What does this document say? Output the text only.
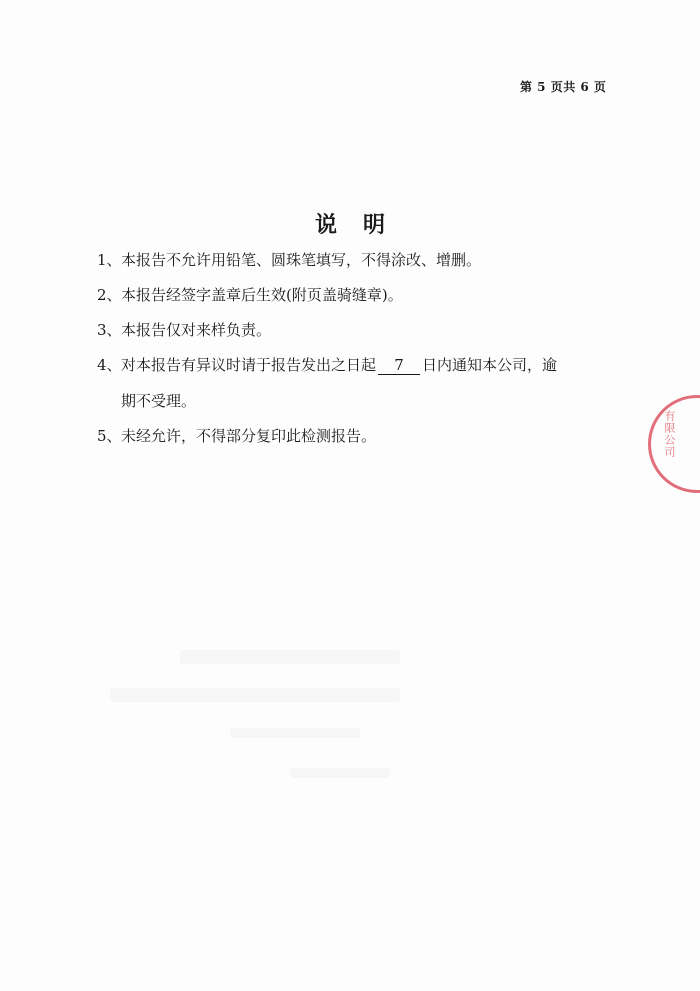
第 5 页共 6 页
说明
1、 本报告不允许用铅笔、圆珠笔填写，不得涂改、增删。
2、 本报告经签字盖章后生效(附页盖骑缝章)。
3、 本报告仅对来样负责。
4、 对本报告有异议时请于报告发出之日起 7 日内通知本公司，逾
期不受理。
5、 未经允许，不得部分复印此检测报告。	有限公司
